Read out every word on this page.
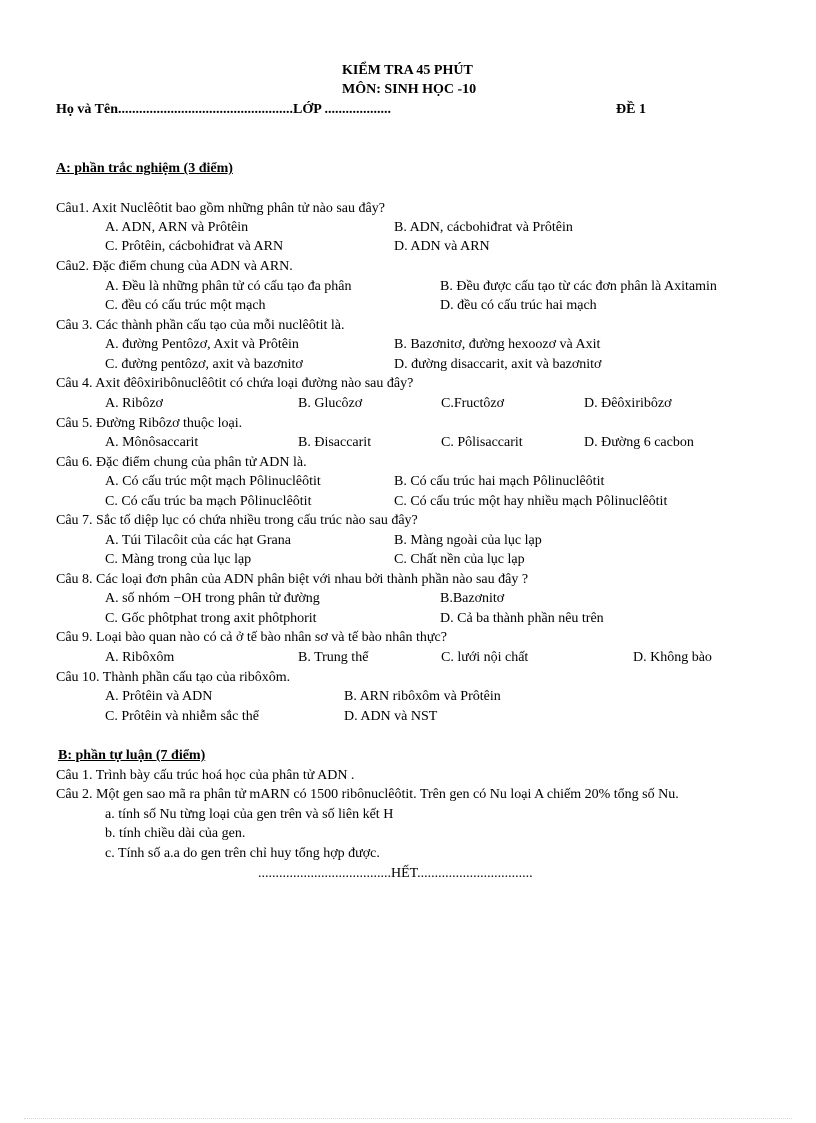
KIỂM TRA 45 PHÚT
MÔN: SINH HỌC -10
Họ và Tên..................................................LỚP ...................	ĐỀ 1
A: phần trắc nghiệm (3 điểm)
Câu1. Axit Nuclêôtit bao gồm những phân tử nào sau đây?
A. ADN, ARN và Prôtêin	B. ADN, cácbohiđrat và Prôtêin
C. Prôtêin, cácbohiđrat và ARN	D. ADN và ARN
Câu2. Đặc điểm chung của ADN và ARN.
A. Đều là những phân tử có cấu tạo đa phân	B. Đều được cấu tạo từ các đơn phân là Axitamin
C. đều có cấu trúc một mạch	D. đều có cấu trúc hai mạch
Câu 3. Các thành phần cấu tạo của mỗi nuclêôtit là.
A. đường Pentôzơ, Axit và Prôtêin	B. Bazơnitơ, đường hexoozơ và Axit
C. đường pentôzơ, axit và bazơnitơ	D. đường disaccarit, axit và bazơnitơ
Câu 4. Axit đêôxiribônuclêôtit có chứa loại đường nào sau đây?
A. Ribôzơ	B. Glucôzơ	C.Fructôzơ	D. Đêôxiribôzơ
Câu 5. Đường Ribôzơ thuộc loại.
A. Mônôsaccarit	B. Đisaccarit	C. Pôlisaccarit	D. Đường 6 cacbon
Câu 6. Đặc điểm chung của phân tử ADN là.
A. Có cấu trúc một mạch Pôlinuclêôtit	B. Có cấu trúc hai mạch Pôlinuclêôtit
C. Có cấu trúc ba mạch Pôlinuclêôtit	C. Có cấu trúc một hay nhiều mạch Pôlinuclêôtit
Câu 7. Sắc tố diệp lục có chứa nhiều trong cấu trúc nào sau đây?
A. Túi Tilacôit của các hạt Grana	B. Màng ngoài của lục lạp
C. Màng trong của lục lạp	C. Chất nền của lục lạp
Câu 8. Các loại đơn phân của ADN phân biệt với nhau bởi thành phần nào sau đây ?
A. số nhóm −OH trong phân tử đường	B.Bazơnitơ
C. Gốc phôtphat trong axit phôtphorit	D. Cả ba thành phần nêu trên
Câu 9. Loại bào quan nào có cả ở tế bào nhân sơ và tế bào nhân thực?
A. Ribôxôm	B. Trung thể	C. lưới nội chất	D. Không bào
Câu 10. Thành phần cấu tạo của ribôxôm.
A. Prôtêin và ADN	B. ARN ribôxôm và Prôtêin
C. Prôtêin và nhiễm sắc thể	D. ADN và NST
B: phần tự luận (7 điểm)
Câu 1. Trình bày cấu trúc hoá học của phân tử ADN .
Câu 2. Một gen sao mã ra phân tử mARN có 1500 ribônuclêôtit. Trên gen có Nu loại A chiếm 20% tổng số Nu.
a. tính số Nu từng loại của gen trên và số liên kết H
b. tính chiều dài của gen.
c. Tính số a.a do gen trên chỉ huy tổng hợp được.
......................................HẾT.................................
